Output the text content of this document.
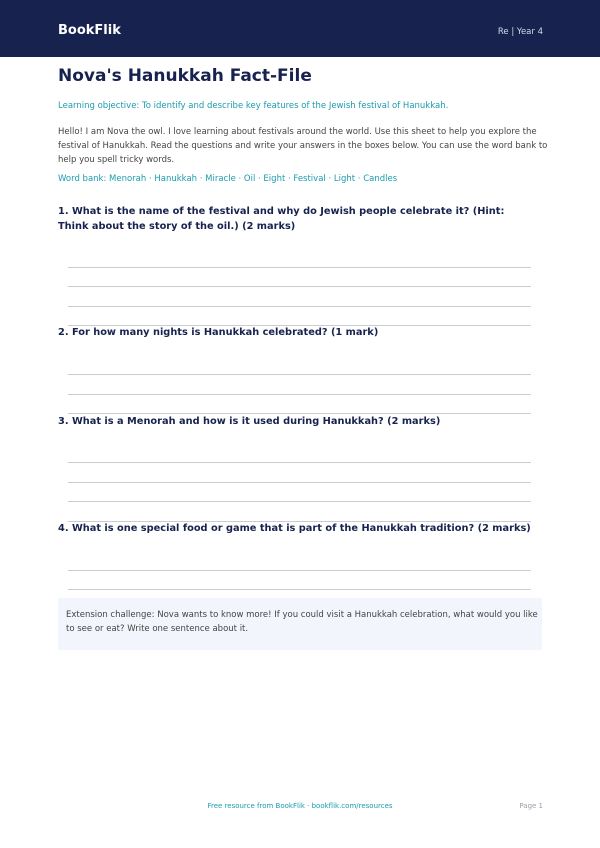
BookFlik	Re | Year 4
Nova's Hanukkah Fact-File
Learning objective: To identify and describe key features of the Jewish festival of Hanukkah.
Hello! I am Nova the owl. I love learning about festivals around the world. Use this sheet to help you explore the festival of Hanukkah. Read the questions and write your answers in the boxes below. You can use the word bank to help you spell tricky words.
Word bank: Menorah · Hanukkah · Miracle · Oil · Eight · Festival · Light · Candles
1. What is the name of the festival and why do Jewish people celebrate it? (Hint: Think about the story of the oil.) (2 marks)
2. For how many nights is Hanukkah celebrated? (1 mark)
3. What is a Menorah and how is it used during Hanukkah? (2 marks)
4. What is one special food or game that is part of the Hanukkah tradition? (2 marks)
Extension challenge: Nova wants to know more! If you could visit a Hanukkah celebration, what would you like to see or eat? Write one sentence about it.
Free resource from BookFlik · bookflik.com/resources	Page 1
